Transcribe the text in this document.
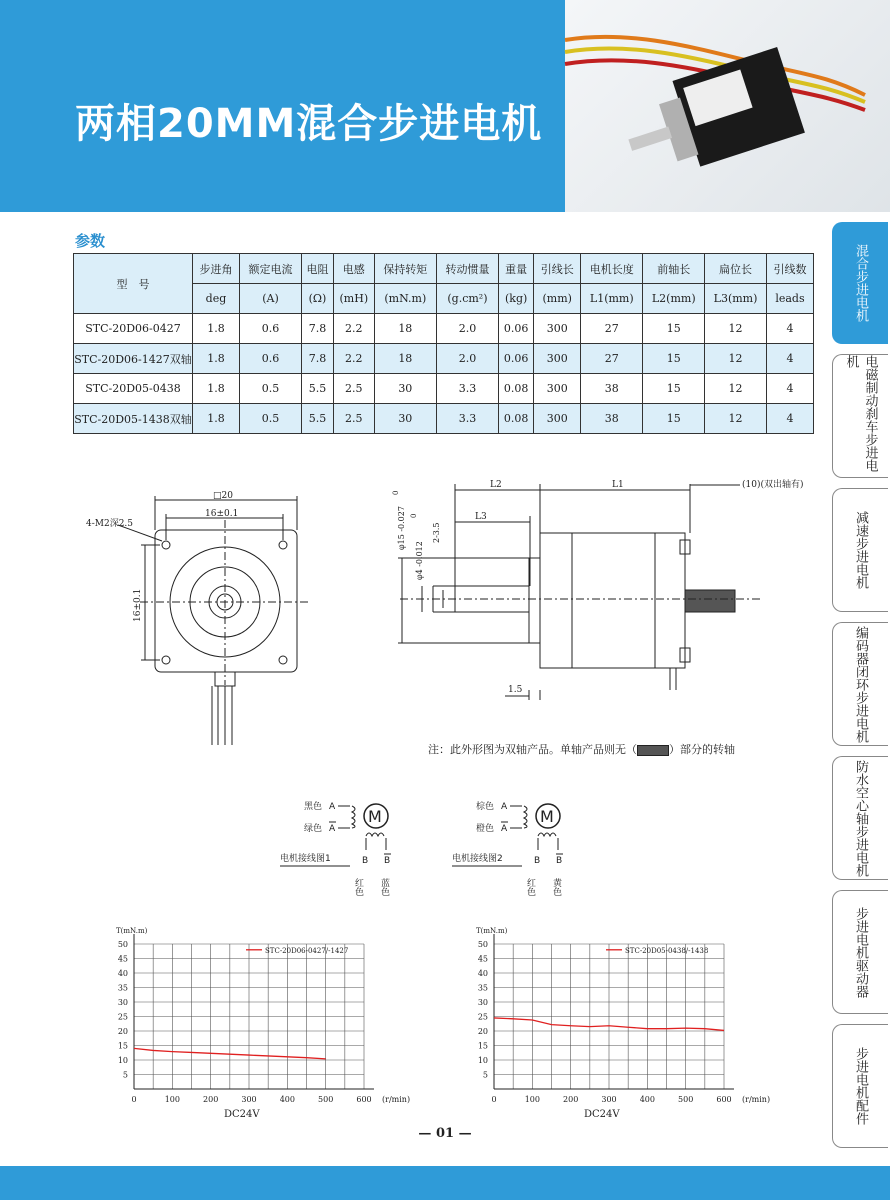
两相20MM混合步进电机
参数
型　号	步进角	额定电流	电阻	电感	保持转矩	转动惯量	重量	引线长	电机长度	前轴长	扁位长	引线数
	deg	(A)	(Ω)	(mH)	(mN.m)	(g.cm²)	(kg)	(mm)	L1(mm)	L2(mm)	L3(mm)	leads
STC-20D06-0427	1.8	0.6	7.8	2.2	18	2.0	0.06	300	27	15	12	4
STC-20D06-1427双轴	1.8	0.6	7.8	2.2	18	2.0	0.06	300	27	15	12	4
STC-20D05-0438	1.8	0.5	5.5	2.5	30	3.3	0.08	300	38	15	12	4
STC-20D05-1438双轴	1.8	0.5	5.5	2.5	30	3.3	0.08	300	38	15	12	4
□20
16±0.1
16±0.1
4-M2深2.5
L2	L1
L3
(10)(双出轴有)
φ15 -0.027
0
φ4 -0.012
0
2-3.5
1.5
注：此外形图为双轴产品。单轴产品则无（	）部分的转轴
M
黑色 A
绿色 A
电机接线图1	B B
红色 蓝色
M
棕色 A
橙色 A
电机接线图2	B B
红色 黄色
5
10
15
20
25
30
35
40
45
50
0	100	200	300	400	500	600
T(mN.m)
(r/min)
DC24V
STC-20D06-0427/-1427
5
10
15
20
25
30
35
40
45
50
0	100	200	300	400	500	600
T(mN.m)
(r/min)
DC24V
STC-20D05-0438/-1438
混合步进电机
电磁制动刹车步进电机
减速步进电机
编码器闭环步进电机
防水空心轴步进电机
步进电机驱动器
步进电机配件
— 01 —
